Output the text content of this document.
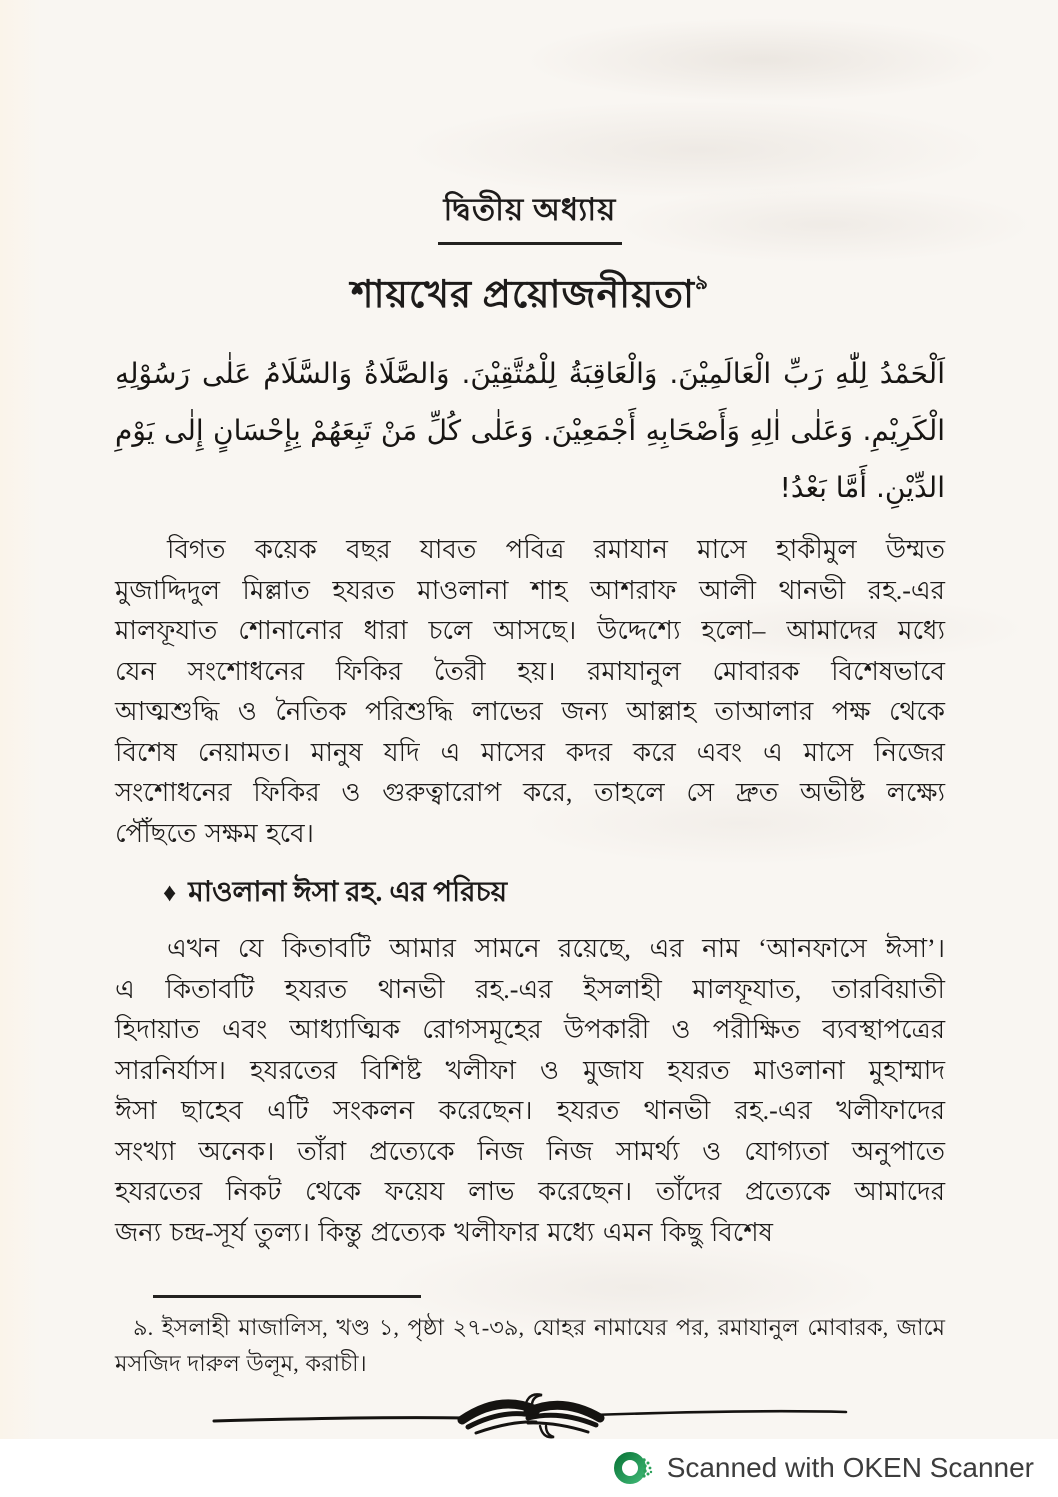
দ্বিতীয় অধ্যায়
শায়খের প্রয়োজনীয়তা$^৯$
اَلْحَمْدُ لِلّٰهِ رَبِّ الْعَالَمِيْنَ. وَالْعَاقِبَةُ لِلْمُتَّقِيْنَ. وَالصَّلَاةُ وَالسَّلَامُ عَلٰى رَسُوْلِهِ
الْكَرِيْمِ. وَعَلٰى اٰلِهِ وَأَصْحَابِهِ أَجْمَعِيْنَ. وَعَلٰى كُلِّ مَنْ تَبِعَهُمْ بِإِحْسَانٍ إِلٰى يَوْمِ
الدِّيْنِ. أَمَّا بَعْدُ!
বিগত কয়েক বছর যাবত পবিত্র রমাযান মাসে হাকীমুল উম্মত
মুজাদ্দিদুল মিল্লাত হযরত মাওলানা শাহ আশরাফ আলী থানভী রহ.-এর
মালফূযাত শোনানোর ধারা চলে আসছে। উদ্দেশ্যে হলো– আমাদের মধ্যে
যেন সংশোধনের ফিকির তৈরী হয়। রমাযানুল মোবারক বিশেষভাবে
আত্মশুদ্ধি ও নৈতিক পরিশুদ্ধি লাভের জন্য আল্লাহ তাআলার পক্ষ থেকে
বিশেষ নেয়ামত। মানুষ যদি এ মাসের কদর করে এবং এ মাসে নিজের
সংশোধনের ফিকির ও গুরুত্বারোপ করে, তাহলে সে দ্রুত অভীষ্ট লক্ষ্যে
পৌঁছতে সক্ষম হবে।
♦ মাওলানা ঈসা রহ. এর পরিচয়
এখন যে কিতাবটি আমার সামনে রয়েছে, এর নাম ‘আনফাসে ঈসা’।
এ কিতাবটি হযরত থানভী রহ.-এর ইসলাহী মালফূযাত, তারবিয়াতী
হিদায়াত এবং আধ্যাত্মিক রোগসমূহের উপকারী ও পরীক্ষিত ব্যবস্থাপত্রের
সারনির্যাস। হযরতের বিশিষ্ট খলীফা ও মুজায হযরত মাওলানা মুহাম্মাদ
ঈসা ছাহেব এটি সংকলন করেছেন। হযরত থানভী রহ.-এর খলীফাদের
সংখ্যা অনেক। তাঁরা প্রত্যেকে নিজ নিজ সামর্থ্য ও যোগ্যতা অনুপাতে
হযরতের নিকট থেকে ফয়েয লাভ করেছেন। তাঁদের প্রত্যেকে আমাদের
জন্য চন্দ্র-সূর্য তুল্য। কিন্তু প্রত্যেক খলীফার মধ্যে এমন কিছু বিশেষ
৯. ইসলাহী মাজালিস, খণ্ড ১, পৃষ্ঠা ২৭-৩৯, যোহর নামাযের পর, রমাযানুল মোবারক, জামে
মসজিদ দারুল উলূম, করাচী।
Scanned with OKEN Scanner
